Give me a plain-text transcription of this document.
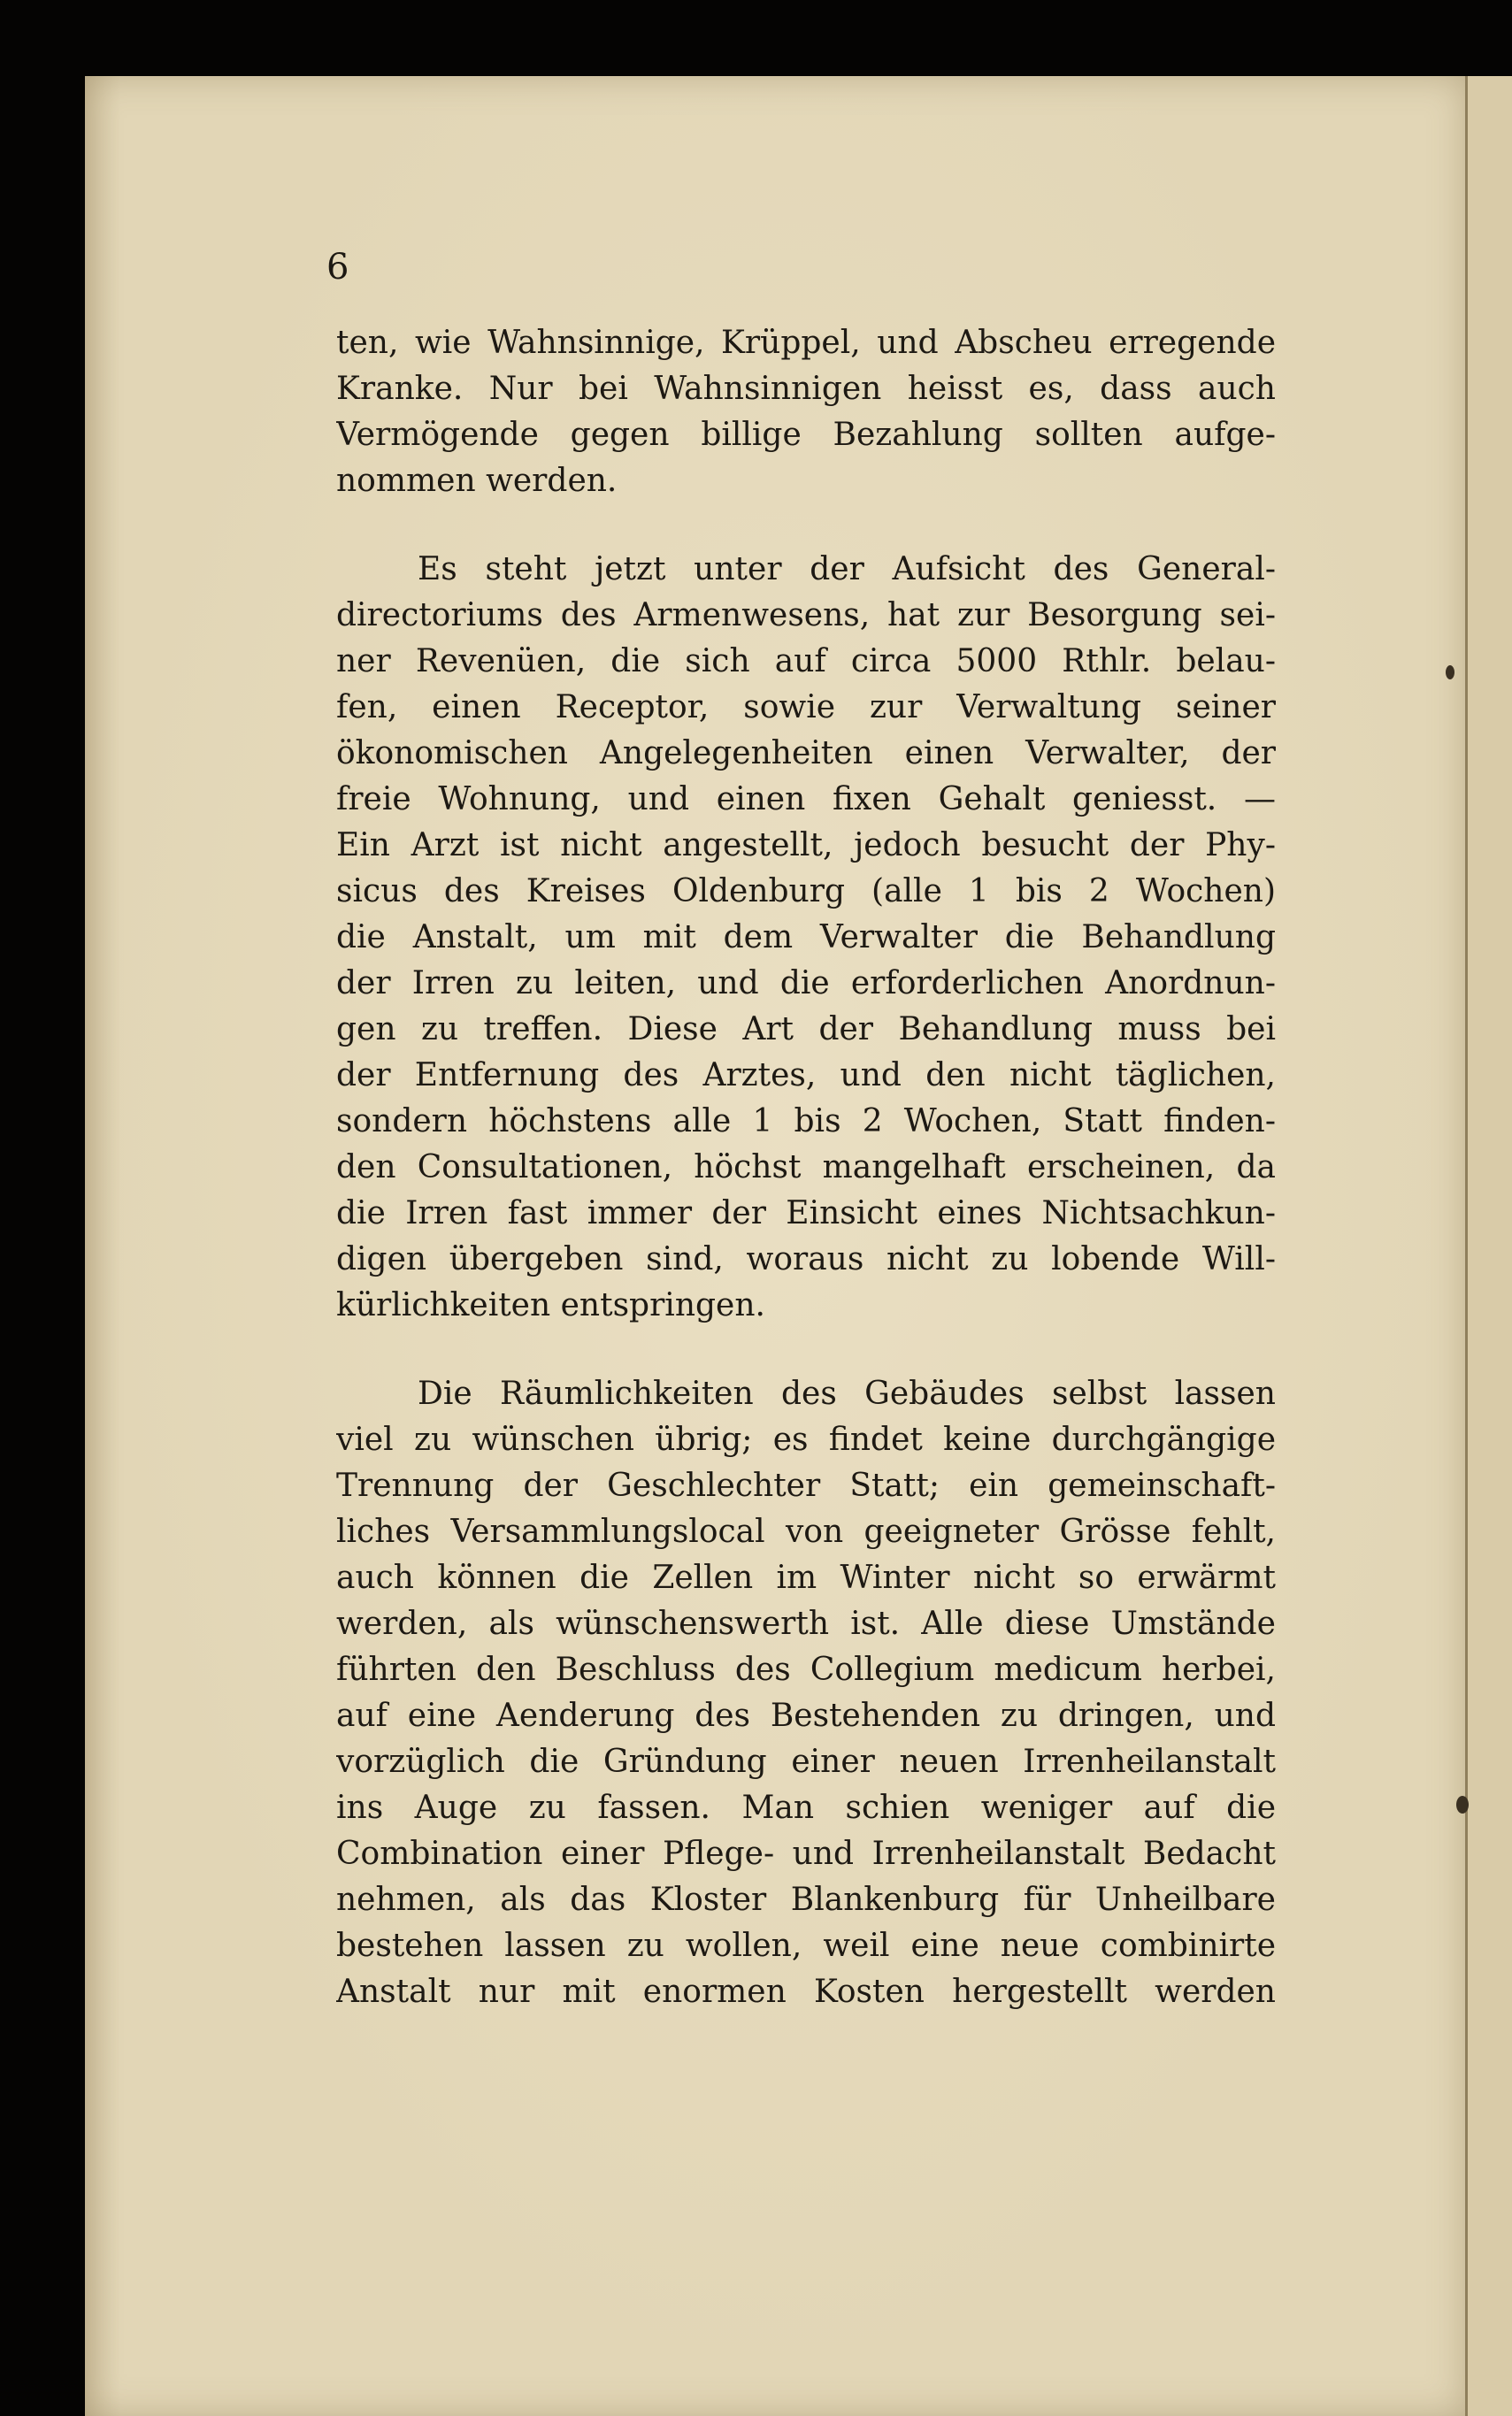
6
ten, wie Wahnsinnige, Krüppel, und Abscheu erregende
Kranke. Nur bei Wahnsinnigen heisst es, dass auch
Vermögende gegen billige Bezahlung sollten aufge-
nommen werden.
Es steht jetzt unter der Aufsicht des General-
directoriums des Armenwesens, hat zur Besorgung sei-
ner Revenüen, die sich auf circa 5000 Rthlr. belau-
fen, einen Receptor, sowie zur Verwaltung seiner
ökonomischen Angelegenheiten einen Verwalter, der
freie Wohnung, und einen fixen Gehalt geniesst. —
Ein Arzt ist nicht angestellt, jedoch besucht der Phy-
sicus des Kreises Oldenburg (alle 1 bis 2 Wochen)
die Anstalt, um mit dem Verwalter die Behandlung
der Irren zu leiten, und die erforderlichen Anordnun-
gen zu treffen. Diese Art der Behandlung muss bei
der Entfernung des Arztes, und den nicht täglichen,
sondern höchstens alle 1 bis 2 Wochen, Statt finden-
den Consultationen, höchst mangelhaft erscheinen, da
die Irren fast immer der Einsicht eines Nichtsachkun-
digen übergeben sind, woraus nicht zu lobende Will-
kürlichkeiten entspringen.
Die Räumlichkeiten des Gebäudes selbst lassen
viel zu wünschen übrig; es findet keine durchgängige
Trennung der Geschlechter Statt; ein gemeinschaft-
liches Versammlungslocal von geeigneter Grösse fehlt,
auch können die Zellen im Winter nicht so erwärmt
werden, als wünschenswerth ist. Alle diese Umstände
führten den Beschluss des Collegium medicum herbei,
auf eine Aenderung des Bestehenden zu dringen, und
vorzüglich die Gründung einer neuen Irrenheilanstalt
ins Auge zu fassen. Man schien weniger auf die
Combination einer Pflege- und Irrenheilanstalt Bedacht
nehmen, als das Kloster Blankenburg für Unheilbare
bestehen lassen zu wollen, weil eine neue combinirte
Anstalt nur mit enormen Kosten hergestellt werden
